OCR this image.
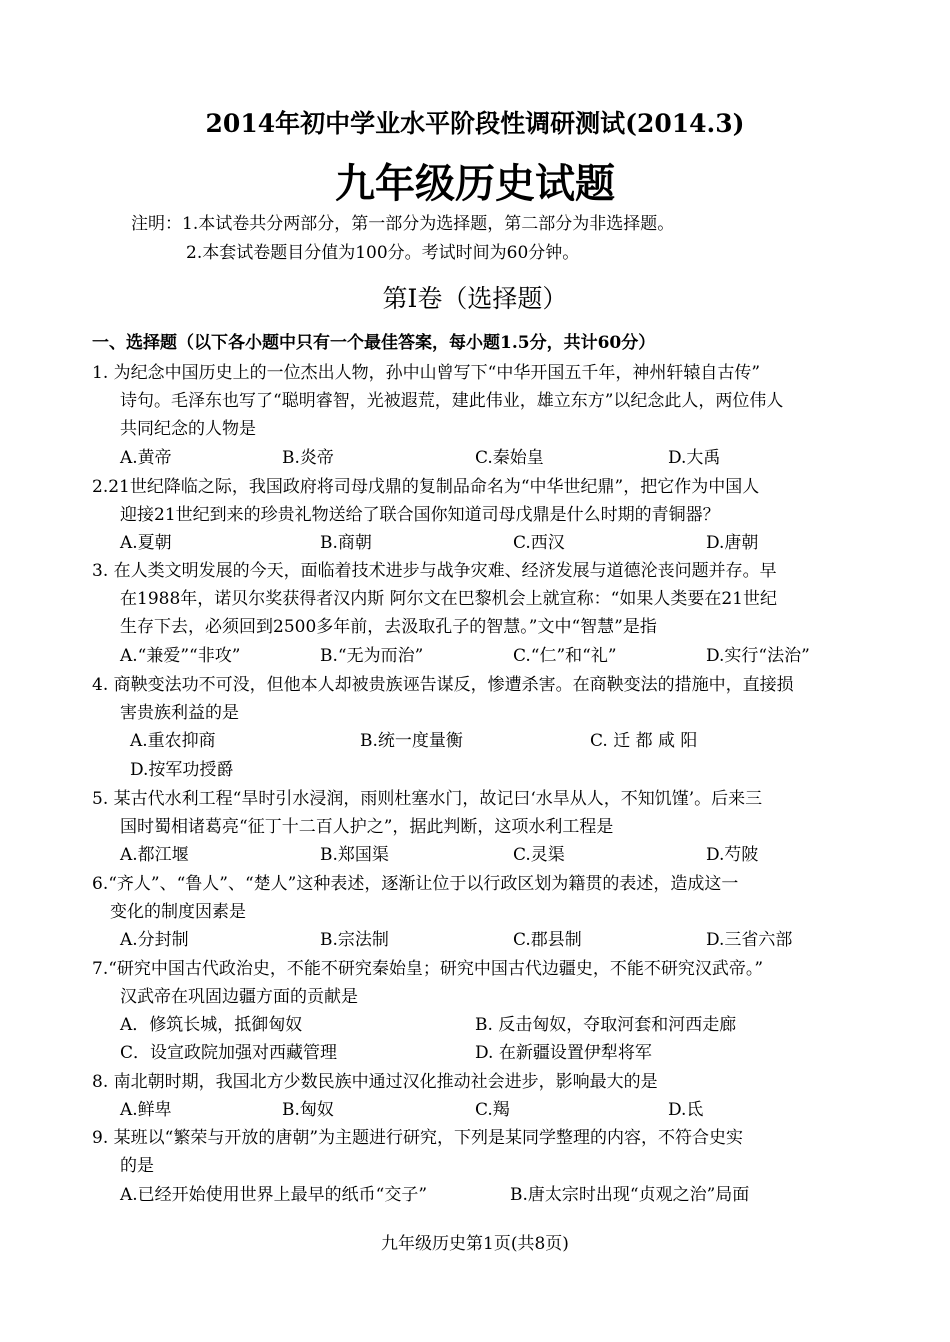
2014年初中学业水平阶段性调研测试(2014.3)
九年级历史试题
注明：1.本试卷共分两部分，第一部分为选择题，第二部分为非选择题。
2.本套试卷题目分值为100分。考试时间为60分钟。
第Ⅰ卷（选择题）
一、选择题（以下各小题中只有一个最佳答案，每小题1.5分，共计60分）
1. 为纪念中国历史上的一位杰出人物，孙中山曾写下“中华开国五千年，神州轩辕自古传”
诗句。毛泽东也写了“聪明睿智，光被遐荒，建此伟业，雄立东方”以纪念此人，两位伟人
共同纪念的人物是
A.黄帝	B.炎帝	C.秦始皇	D.大禹
2.21世纪降临之际，我国政府将司母戊鼎的复制品命名为“中华世纪鼎”，把它作为中国人
迎接21世纪到来的珍贵礼物送给了联合国你知道司母戊鼎是什么时期的青铜器？
A.夏朝	B.商朝	C.西汉	D.唐朝
3. 在人类文明发展的今天，面临着技术进步与战争灾难、经济发展与道德沦丧问题并存。早
在1988年，诺贝尔奖获得者汉内斯 阿尔文在巴黎机会上就宣称：“如果人类要在21世纪
生存下去，必须回到2500多年前，去汲取孔子的智慧。”文中“智慧”是指
A.“兼爱”“非攻”	B.“无为而治”	C.“仁”和“礼”	D.实行“法治”
4. 商鞅变法功不可没，但他本人却被贵族诬告谋反，惨遭杀害。在商鞅变法的措施中，直接损
害贵族利益的是
A.重农抑商	B.统一度量衡	C. 迁 都 咸 阳
D.按军功授爵
5. 某古代水利工程“旱时引水浸润，雨则杜塞水门，故记曰‘水旱从人，不知饥馑’。后来三
国时蜀相诸葛亮“征丁十二百人护之”，据此判断，这项水利工程是
A.都江堰	B.郑国渠	C.灵渠	D.芍陂
6.“齐人”、“鲁人”、“楚人”这种表述，逐渐让位于以行政区划为籍贯的表述，造成这一
变化的制度因素是
A.分封制	B.宗法制	C.郡县制	D.三省六部
7.“研究中国古代政治史，不能不研究秦始皇；研究中国古代边疆史，不能不研究汉武帝。”
汉武帝在巩固边疆方面的贡献是
A．修筑长城，抵御匈奴	B. 反击匈奴，夺取河套和河西走廊
C．设宣政院加强对西藏管理	D. 在新疆设置伊犁将军
8. 南北朝时期，我国北方少数民族中通过汉化推动社会进步，影响最大的是
A.鲜卑	B.匈奴	C.羯	D.氐
9. 某班以“繁荣与开放的唐朝”为主题进行研究，下列是某同学整理的内容，不符合史实
的是
A.已经开始使用世界上最早的纸币“交子”	B.唐太宗时出现“贞观之治”局面
九年级历史第1页(共8页)
